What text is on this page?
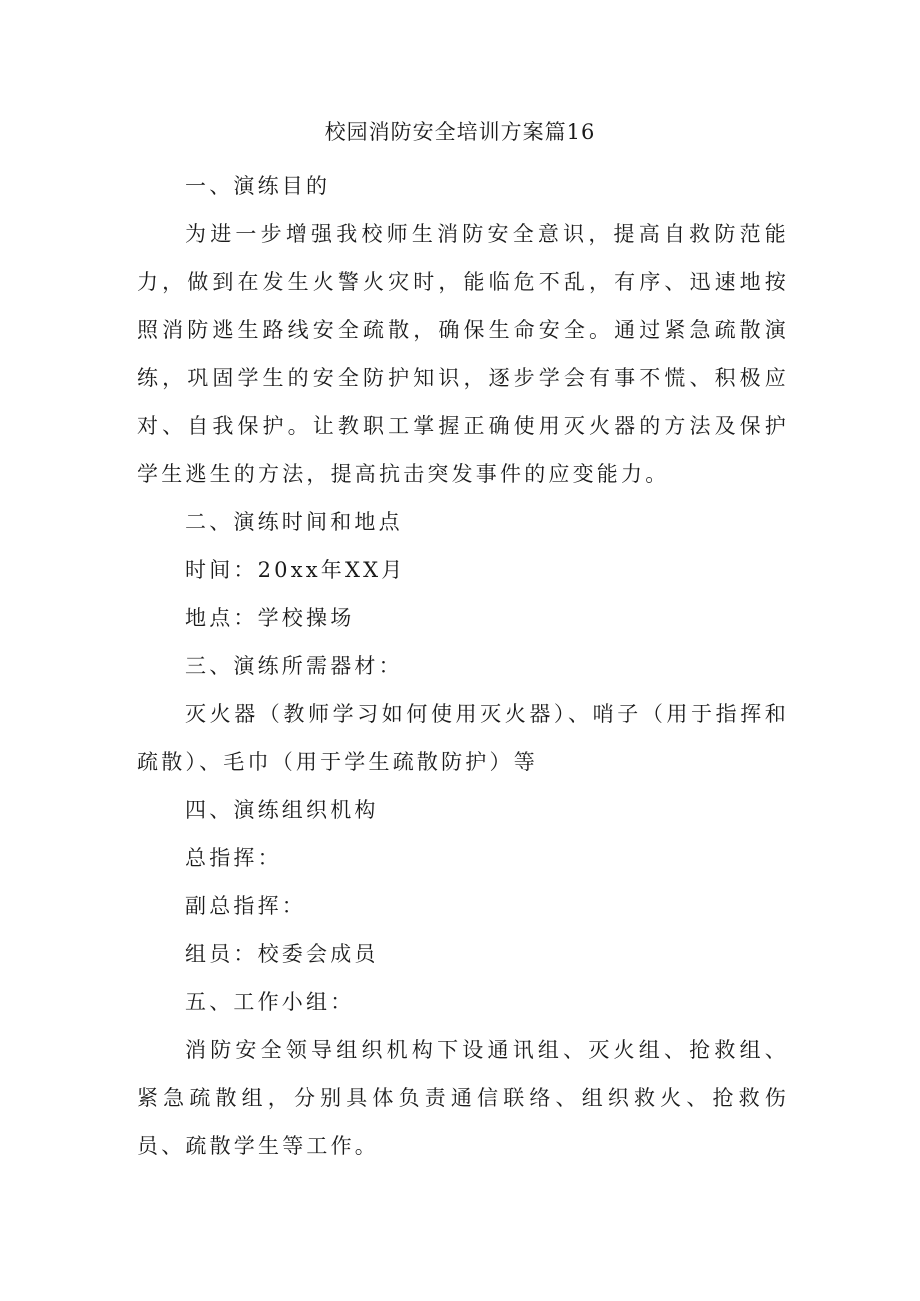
校园消防安全培训方案篇16

一、演练目的

为进一步增强我校师生消防安全意识，提高自救防范能力，做到在发生火警火灾时，能临危不乱，有序、迅速地按照消防逃生路线安全疏散，确保生命安全。通过紧急疏散演练，巩固学生的安全防护知识，逐步学会有事不慌、积极应对、自我保护。让教职工掌握正确使用灭火器的方法及保护学生逃生的方法，提高抗击突发事件的应变能力。

二、演练时间和地点

时间：20xx年XX月

地点：学校操场

三、演练所需器材：

灭火器（教师学习如何使用灭火器）、哨子（用于指挥和疏散）、毛巾（用于学生疏散防护）等

四、演练组织机构

总指挥：

副总指挥：

组员：校委会成员

五、工作小组：

消防安全领导组织机构下设通讯组、灭火组、抢救组、紧急疏散组，分别具体负责通信联络、组织救火、抢救伤员、疏散学生等工作。
